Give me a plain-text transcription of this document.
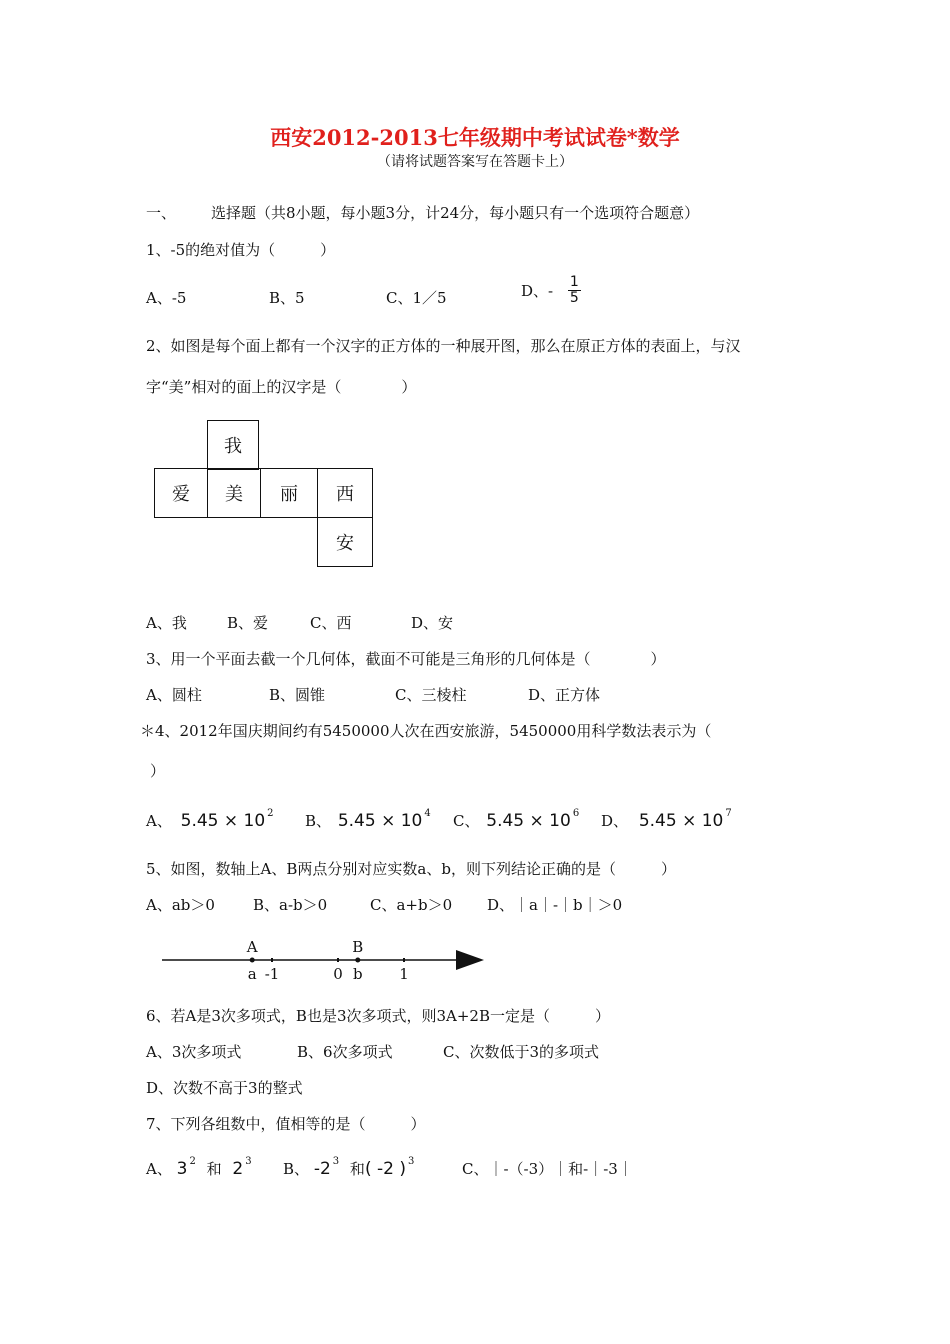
西安2012-2013七年级期中考试试卷*数学
（请将试题答案写在答题卡上）
一、 选择题（共8小题，每小题3分，计24分，每小题只有一个选项符合题意）
1、-5的绝对值为（　　　）
A、-5	B、5	C、1／5	D、- $\frac{1}{5}$
2、如图是每个面上都有一个汉字的正方体的一种展开图，那么在原正方体的表面上，与汉
字“美”相对的面上的汉字是（　　　　）
我
爱	美	丽	西
安
A、我	B、爱	C、西	D、安
3、用一个平面去截一个几何体，截面不可能是三角形的几何体是（　　　　）
A、圆柱	B、圆锥	C、三棱柱	D、正方体
＊4、2012年国庆期间约有5450000人次在西安旅游，5450000用科学数法表示为（
）
A、 5.45 × 10 $^2$ B、 5.45 × 10 $^4$ C、 5.45 × 10 $^6$ D、 5.45 × 10 $^7$
5、如图，数轴上A、B两点分别对应实数a、b，则下列结论正确的是（　　　）
A、ab＞0	B、a-b＞0	C、a+b＞0 D、｜a｜-｜b｜＞0
a -1	0 b 1
A	B
6、若A是3次多项式，B也是3次多项式，则3A+2B一定是（　　　）
A、3次多项式	B、6次多项式	C、次数低于3的多项式
D、次数不高于3的整式
7、下列各组数中，值相等的是（　　　）
A、 3 $^2$ 和 2 $^3$ B、 -2 $^3$ 和( -2 ) $^3$	C、｜-（-3）｜和-｜-3｜
